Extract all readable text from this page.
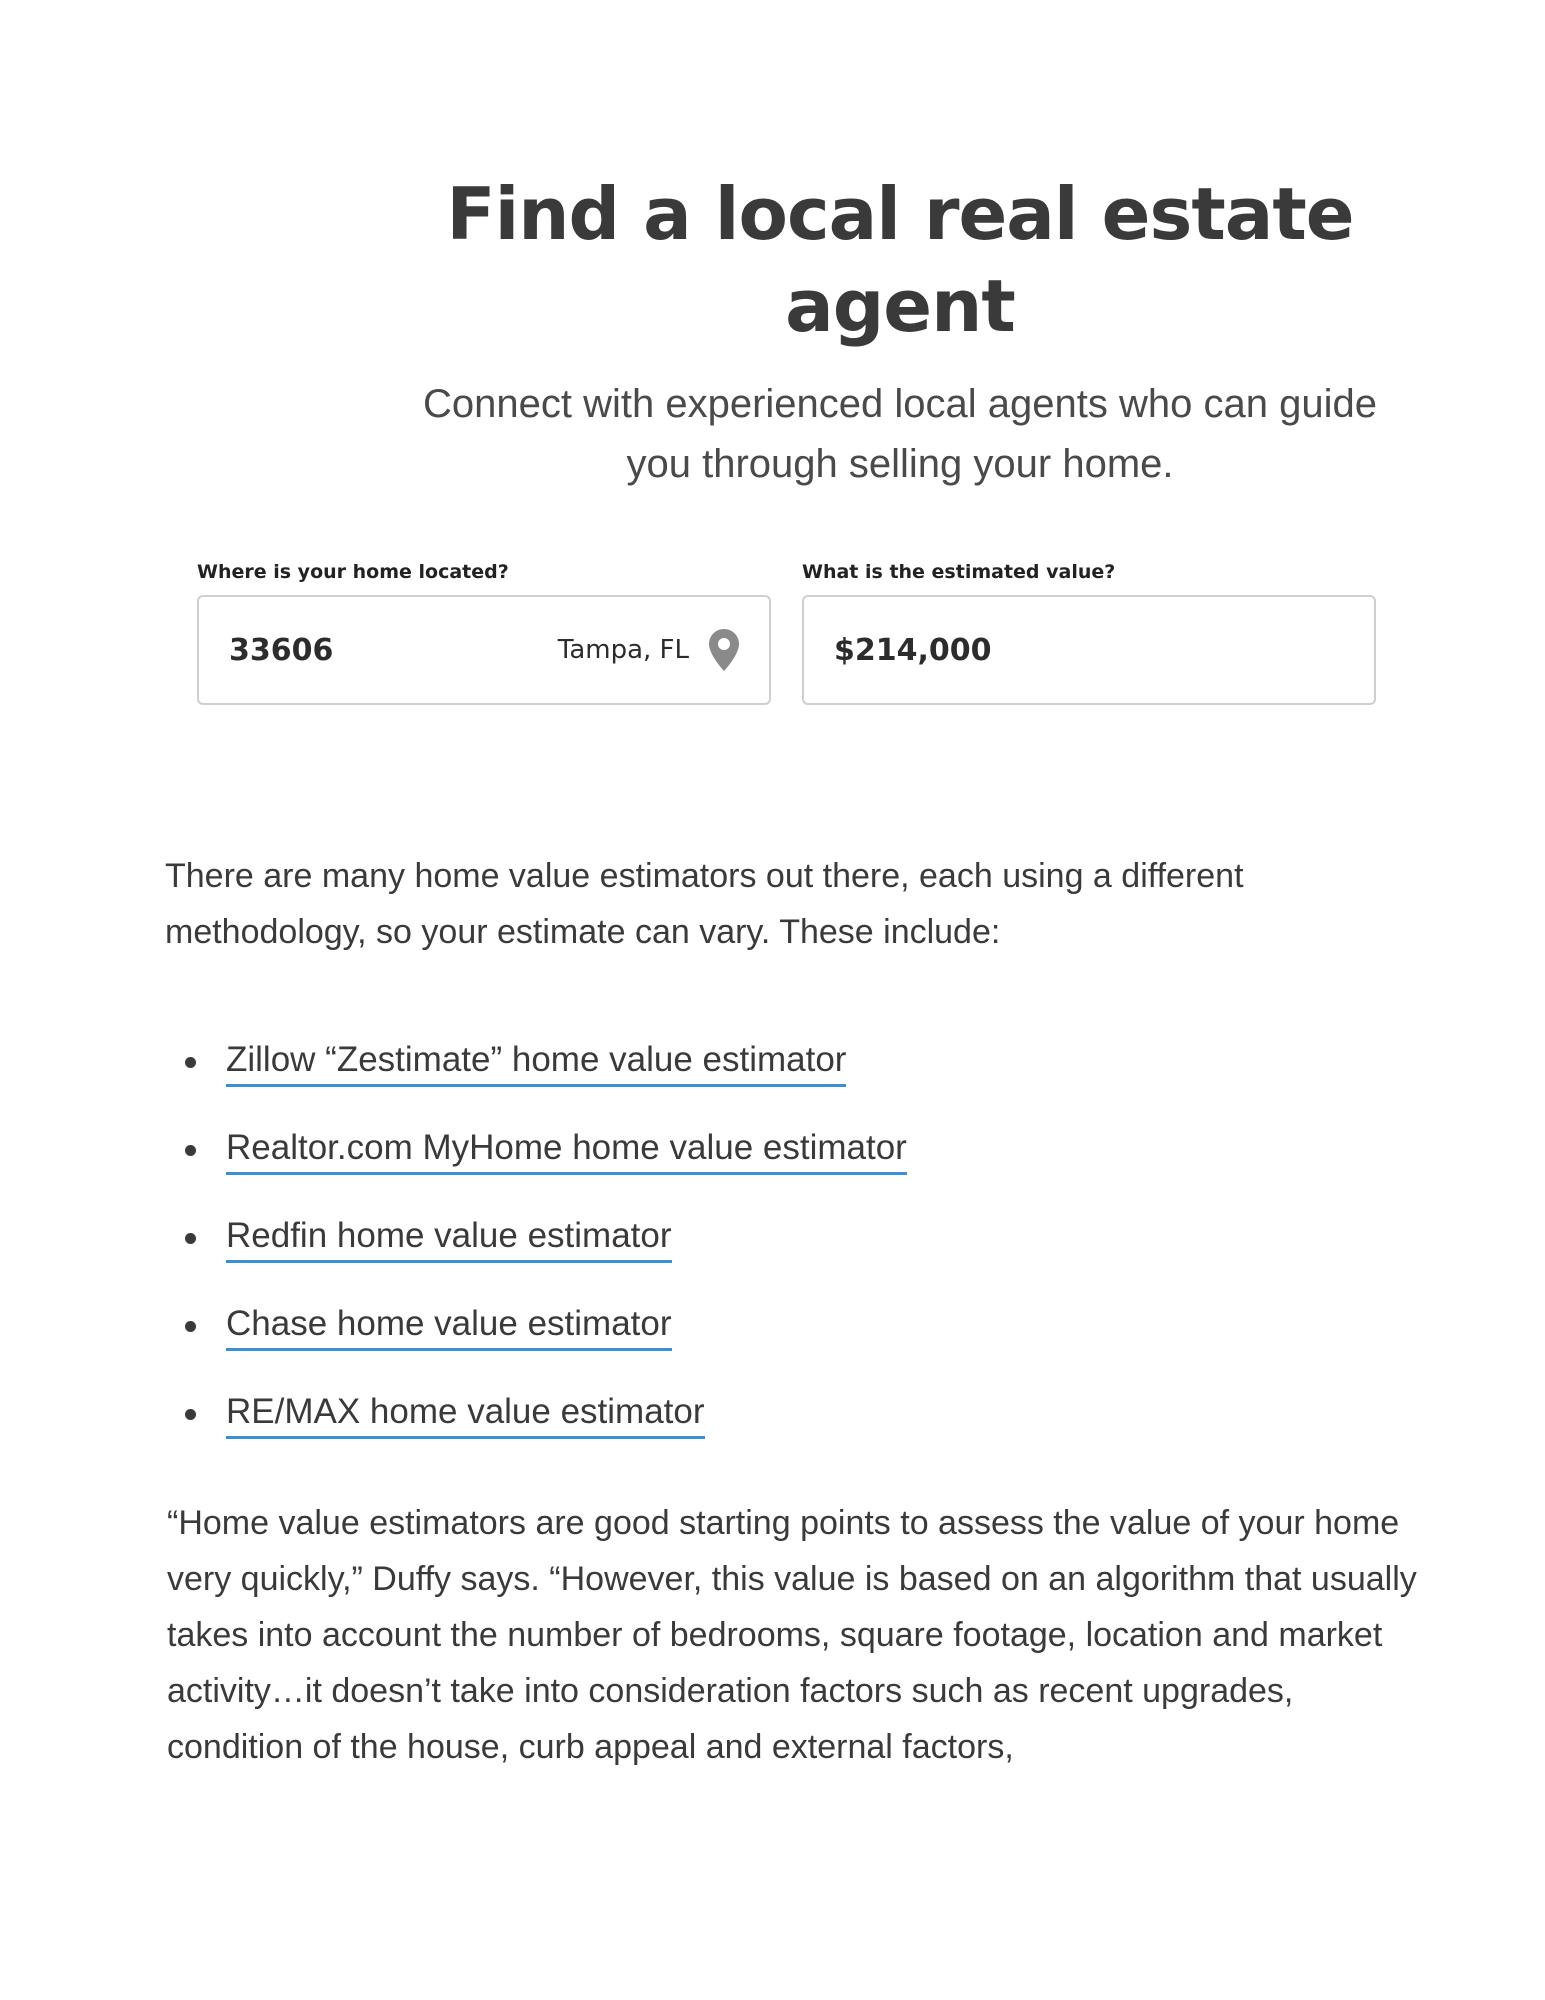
Find a local real estate agent

Connect with experienced local agents who can guide you through selling your home.

Where is your home located?
33606	Tampa, FL
What is the estimated value?
$214,000

There are many home value estimators out there, each using a different methodology, so your estimate can vary. These include:

Zillow “Zestimate” home value estimator
Realtor.com MyHome home value estimator
Redfin home value estimator
Chase home value estimator
RE/MAX home value estimator

“Home value estimators are good starting points to assess the value of your home very quickly,” Duffy says. “However, this value is based on an algorithm that usually takes into account the number of bedrooms, square footage, location and market activity…it doesn’t take into consideration factors such as recent upgrades, condition of the house, curb appeal and external factors,
